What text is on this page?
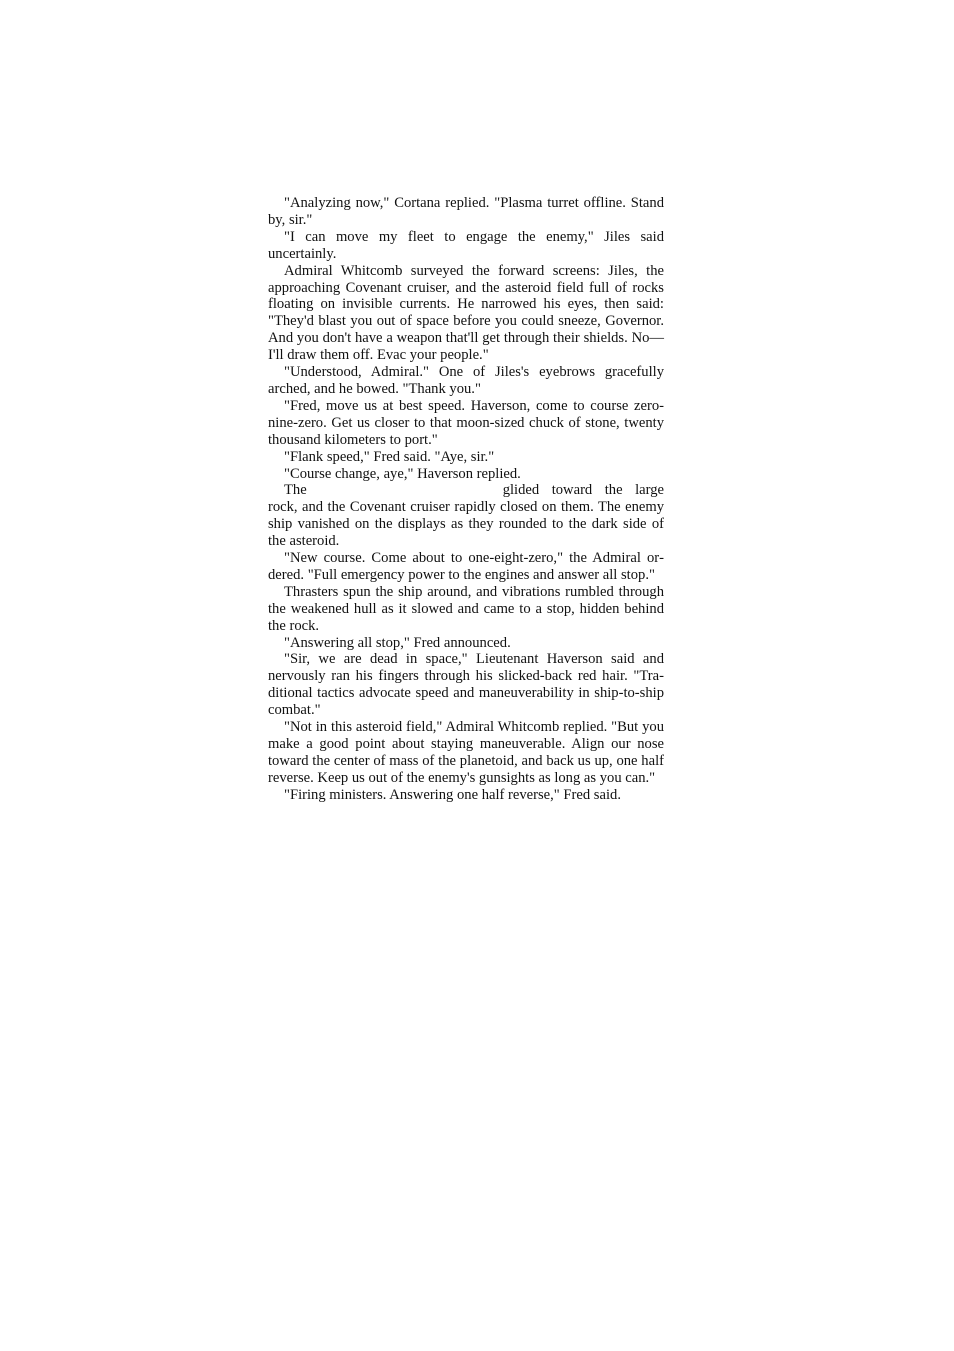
"Analyzing now," Cortana replied. "Plasma turret offline. Stand by, sir."

"I can move my fleet to engage the enemy," Jiles said uncertainly.

Admiral Whitcomb surveyed the forward screens: Jiles, the approaching Covenant cruiser, and the asteroid field full of rocks floating on invisible currents. He narrowed his eyes, then said: "They'd blast you out of space before you could sneeze, Governor. And you don't have a weapon that'll get through their shields. No—I'll draw them off. Evac your people."

"Understood, Admiral." One of Jiles's eyebrows gracefully arched, and he bowed. "Thank you."

"Fred, move us at best speed. Haverson, come to course zero-nine-zero. Get us closer to that moon-sized chuck of stone, twenty thousand kilometers to port."

"Flank speed," Fred said. "Aye, sir."

"Course change, aye," Haverson replied.

The	glided toward the large rock, and the Covenant cruiser rapidly closed on them. The enemy ship vanished on the displays as they rounded to the dark side of the asteroid.

"New course. Come about to one-eight-zero," the Admiral ordered. "Full emergency power to the engines and answer all stop."

Thrasters spun the ship around, and vibrations rumbled through the weakened hull as it slowed and came to a stop, hidden behind the rock.

"Answering all stop," Fred announced.

"Sir, we are dead in space," Lieutenant Haverson said and nervously ran his fingers through his slicked-back red hair. "Traditional tactics advocate speed and maneuverability in ship-to-ship combat."

"Not in this asteroid field," Admiral Whitcomb replied. "But you make a good point about staying maneuverable. Align our nose toward the center of mass of the planetoid, and back us up, one half reverse. Keep us out of the enemy's gunsights as long as you can."

"Firing ministers. Answering one half reverse," Fred said.
